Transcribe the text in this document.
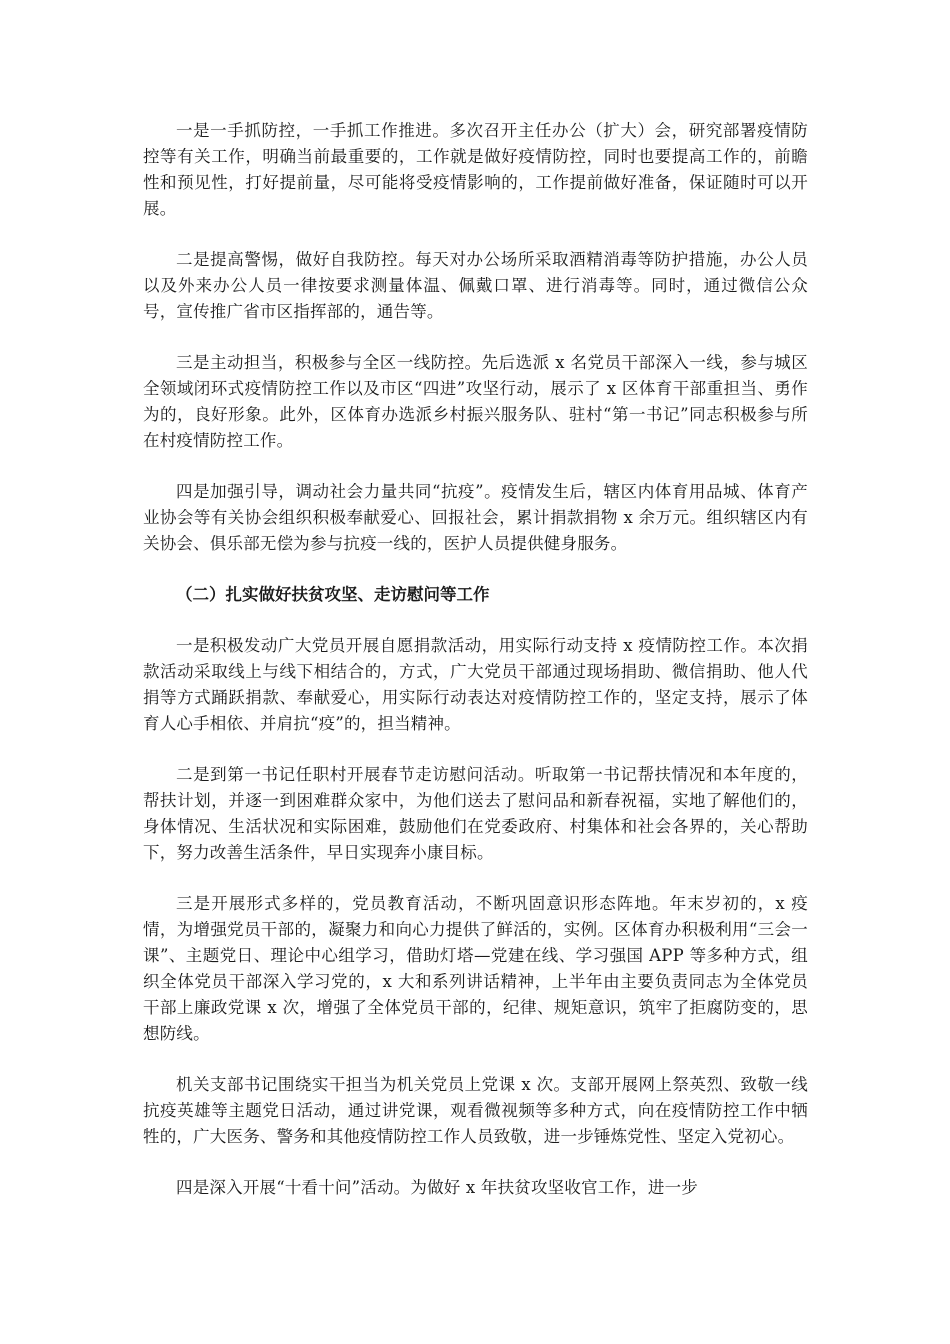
一是一手抓防控，一手抓工作推进。多次召开主任办公（扩大）会，研究部署疫情防控等有关工作，明确当前最重要的，工作就是做好疫情防控，同时也要提高工作的，前瞻性和预见性，打好提前量，尽可能将受疫情影响的，工作提前做好准备，保证随时可以开展。

二是提高警惕，做好自我防控。每天对办公场所采取酒精消毒等防护措施，办公人员以及外来办公人员一律按要求测量体温、佩戴口罩、进行消毒等。同时，通过微信公众号，宣传推广省市区指挥部的，通告等。

三是主动担当，积极参与全区一线防控。先后选派 x 名党员干部深入一线，参与城区全领域闭环式疫情防控工作以及市区“四进”攻坚行动，展示了 x 区体育干部重担当、勇作为的，良好形象。此外，区体育办选派乡村振兴服务队、驻村“第一书记”同志积极参与所在村疫情防控工作。

四是加强引导，调动社会力量共同“抗疫”。疫情发生后，辖区内体育用品城、体育产业协会等有关协会组织积极奉献爱心、回报社会，累计捐款捐物 x 余万元。组织辖区内有关协会、俱乐部无偿为参与抗疫一线的，医护人员提供健身服务。

（二）扎实做好扶贫攻坚、走访慰问等工作

一是积极发动广大党员开展自愿捐款活动，用实际行动支持 x 疫情防控工作。本次捐款活动采取线上与线下相结合的，方式，广大党员干部通过现场捐助、微信捐助、他人代捐等方式踊跃捐款、奉献爱心，用实际行动表达对疫情防控工作的，坚定支持，展示了体育人心手相依、并肩抗“疫”的，担当精神。

二是到第一书记任职村开展春节走访慰问活动。听取第一书记帮扶情况和本年度的，帮扶计划，并逐一到困难群众家中，为他们送去了慰问品和新春祝福，实地了解他们的，身体情况、生活状况和实际困难，鼓励他们在党委政府、村集体和社会各界的，关心帮助下，努力改善生活条件，早日实现奔小康目标。

三是开展形式多样的，党员教育活动，不断巩固意识形态阵地。年末岁初的，x 疫情，为增强党员干部的，凝聚力和向心力提供了鲜活的，实例。区体育办积极利用“三会一课”、主题党日、理论中心组学习，借助灯塔—党建在线、学习强国 APP 等多种方式，组织全体党员干部深入学习党的，x 大和系列讲话精神，上半年由主要负责同志为全体党员干部上廉政党课 x 次，增强了全体党员干部的，纪律、规矩意识，筑牢了拒腐防变的，思想防线。

机关支部书记围绕实干担当为机关党员上党课 x 次。支部开展网上祭英烈、致敬一线抗疫英雄等主题党日活动，通过讲党课，观看微视频等多种方式，向在疫情防控工作中牺牲的，广大医务、警务和其他疫情防控工作人员致敬，进一步锤炼党性、坚定入党初心。

四是深入开展“十看十问”活动。为做好 x 年扶贫攻坚收官工作，进一步
